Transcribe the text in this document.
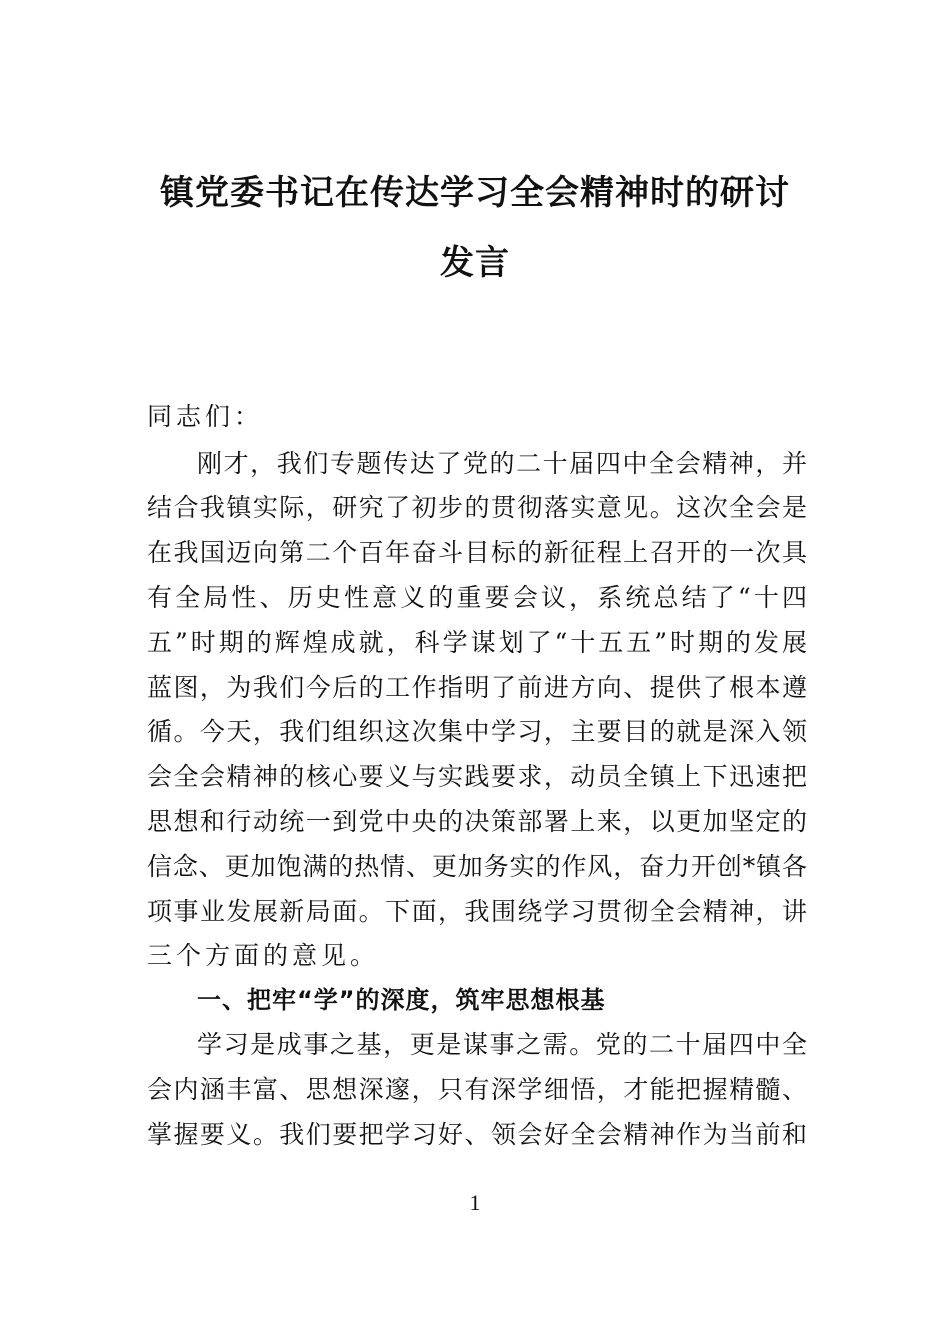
镇党委书记在传达学习全会精神时的研讨
发言
同志们：
刚才，我们专题传达了党的二十届四中全会精神，并
结合我镇实际，研究了初步的贯彻落实意见。这次全会是
在我国迈向第二个百年奋斗目标的新征程上召开的一次具
有全局性、历史性意义的重要会议，系统总结了“十四
五”时期的辉煌成就，科学谋划了“十五五”时期的发展
蓝图，为我们今后的工作指明了前进方向、提供了根本遵
循。今天，我们组织这次集中学习，主要目的就是深入领
会全会精神的核心要义与实践要求，动员全镇上下迅速把
思想和行动统一到党中央的决策部署上来，以更加坚定的
信念、更加饱满的热情、更加务实的作风，奋力开创*镇各
项事业发展新局面。下面，我围绕学习贯彻全会精神，讲
三个方面的意见。
一、把牢“学”的深度，筑牢思想根基
学习是成事之基，更是谋事之需。党的二十届四中全
会内涵丰富、思想深邃，只有深学细悟，才能把握精髓、
掌握要义。我们要把学习好、领会好全会精神作为当前和
1
